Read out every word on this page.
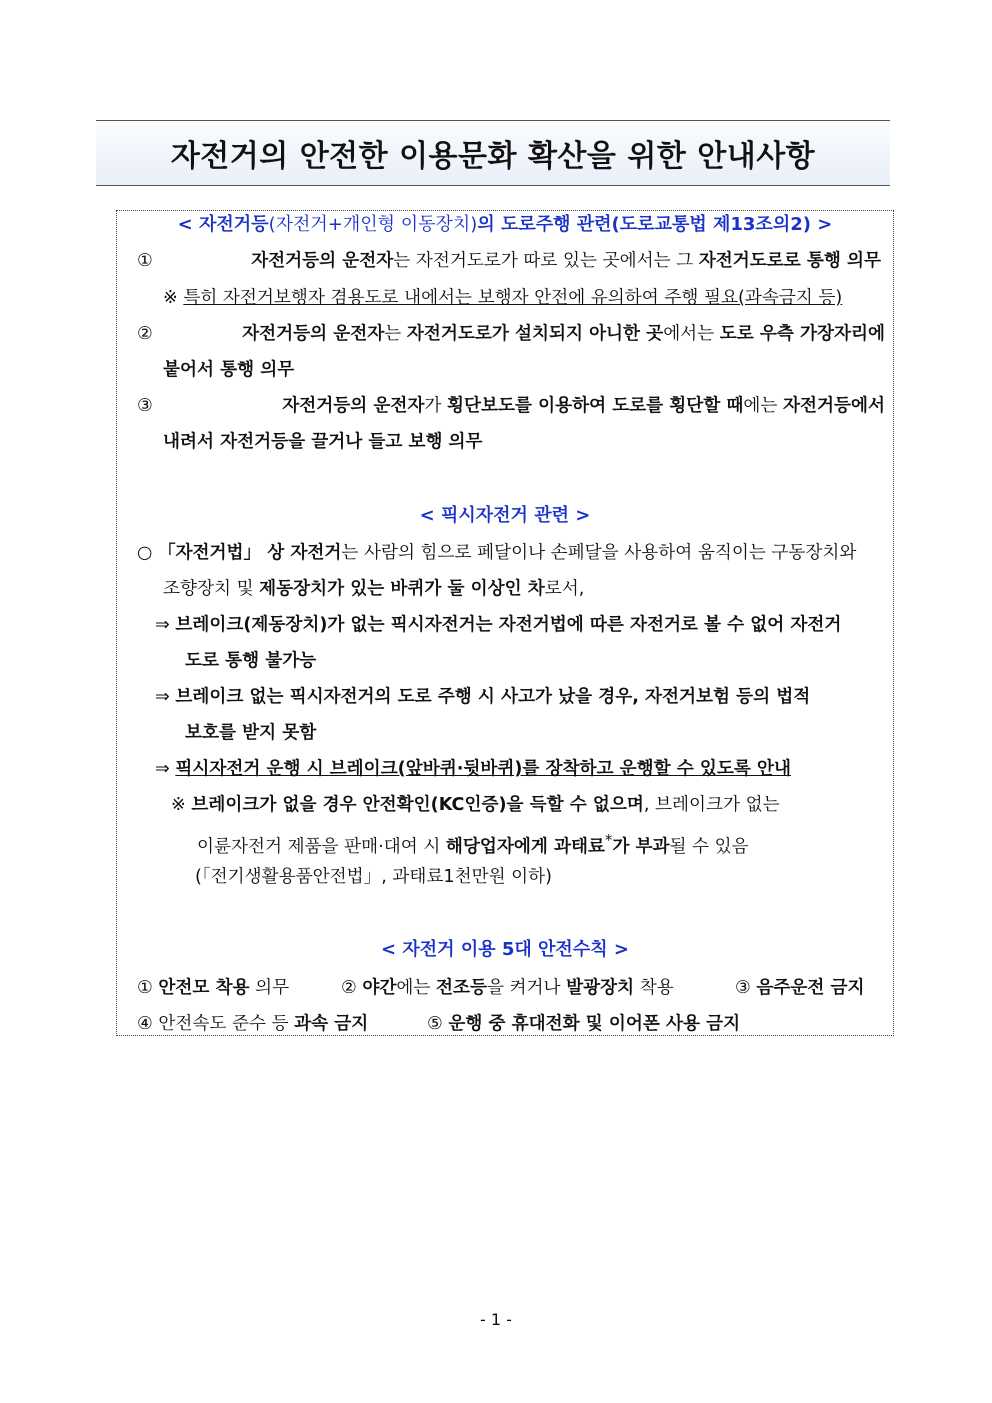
자전거의 안전한 이용문화 확산을 위한 안내사항
< 자전거등(자전거+개인형 이동장치)의 도로주행 관련(도로교통법 제13조의2) >
①	자전거등의 운전자는 자전거도로가 따로 있는 곳에서는 그 자전거도로로 통행 의무
※ 특히 자전거보행자 겸용도로 내에서는 보행자 안전에 유의하여 주행 필요(과속금지 등)
②	자전거등의 운전자는 자전거도로가 설치되지 아니한 곳에서는 도로 우측 가장자리에
붙어서 통행 의무
③	자전거등의 운전자가 횡단보도를 이용하여 도로를 횡단할 때에는 자전거등에서
내려서 자전거등을 끌거나 들고 보행 의무
< 픽시자전거 관련 >
○ 「자전거법」 상 자전거는 사람의 힘으로 페달이나 손페달을 사용하여 움직이는 구동장치와
조향장치 및 제동장치가 있는 바퀴가 둘 이상인 차로서,
⇒ 브레이크(제동장치)가 없는 픽시자전거는 자전거법에 따른 자전거로 볼 수 없어 자전거
도로 통행 불가능
⇒ 브레이크 없는 픽시자전거의 도로 주행 시 사고가 났을 경우, 자전거보험 등의 법적
보호를 받지 못함
⇒ 픽시자전거 운행 시 브레이크(앞바퀴·뒷바퀴)를 장착하고 운행할 수 있도록 안내
※ 브레이크가 없을 경우 안전확인(KC인증)을 득할 수 없으며, 브레이크가 없는
이륜자전거 제품을 판매·대여 시 해당업자에게 과태료*가 부과될 수 있음
(「전기생활용품안전법」, 과태료1천만원 이하)
< 자전거 이용 5대 안전수칙 >
① 안전모 착용 의무	② 야간에는 전조등을 켜거나 발광장치 착용	③ 음주운전 금지
④ 안전속도 준수 등 과속 금지	⑤ 운행 중 휴대전화 및 이어폰 사용 금지
- 1 -
